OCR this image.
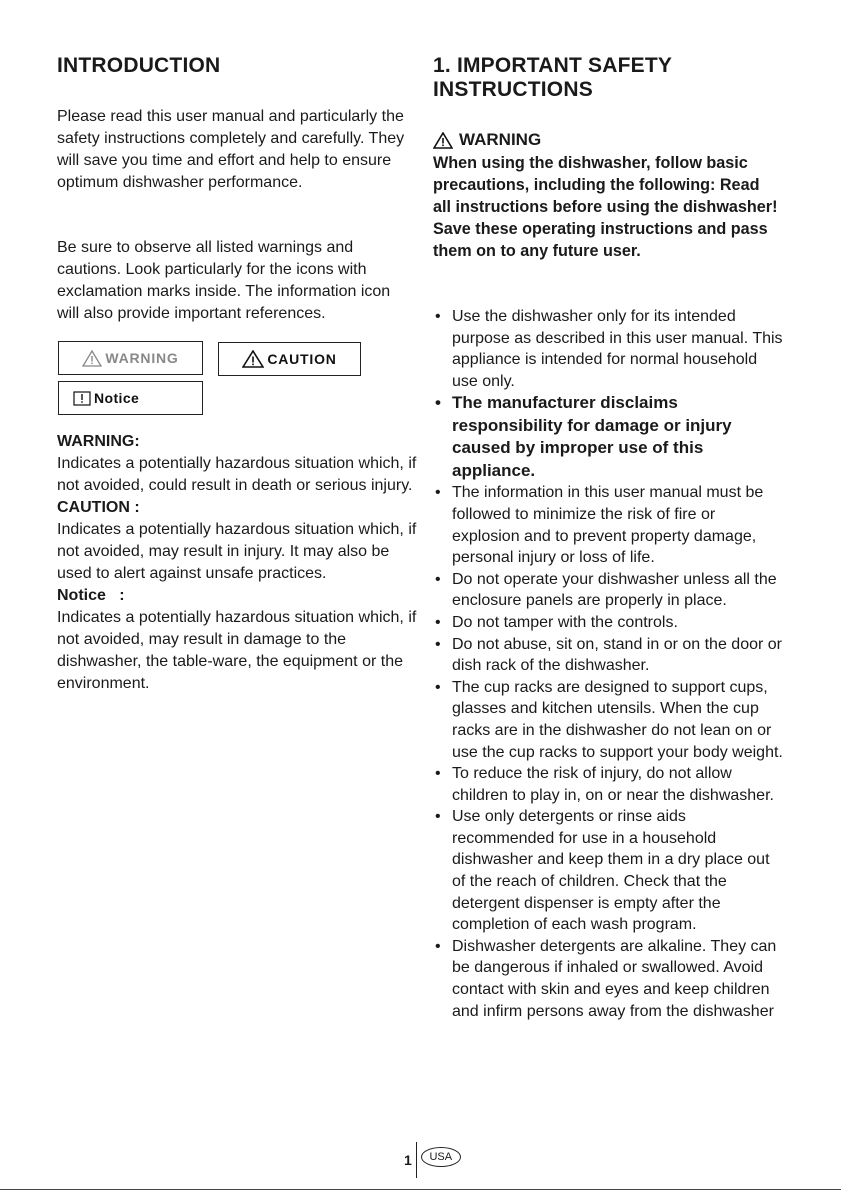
INTRODUCTION

Please read this user manual and particularly the safety instructions completely and carefully. They will save you time and effort and help to ensure optimum dishwasher performance.

Be sure to observe all listed warnings and cautions. Look particularly for the icons with exclamation marks inside. The information icon will also provide important references.

WARNING	CAUTION
Notice

WARNING:

Indicates a potentially hazardous situation which, if not avoided, could result in death or serious injury.

CAUTION :

Indicates a potentially hazardous situation which, if not avoided, may result in injury. It may also be used to alert against unsafe practices.

Notice   :

Indicates a potentially hazardous situation which, if not avoided, may result in damage to the dishwasher, the table-ware, the equipment or the environment.

1. IMPORTANT SAFETY INSTRUCTIONS
WARNING

When using the dishwasher, follow basic precautions, including the following: Read all instructions before using the dishwasher! Save these operating instructions and pass them on to any future user.

• Use the dishwasher only for its intended purpose as described in this user manual. This appliance is intended for normal household use only.
• The manufacturer disclaims responsibility for damage or injury caused by improper use of this appliance.
• The information in this user manual must be followed to minimize the risk of fire or explosion and to prevent property damage, personal injury or loss of life.
• Do not operate your dishwasher unless all the enclosure panels are properly in place.
• Do not tamper with the controls.
• Do not abuse, sit on, stand in or on the door or dish rack of the dishwasher.
• The cup racks are designed to support cups, glasses and kitchen utensils. When the cup racks are in the dishwasher do not lean on or use the cup racks to support your body weight.
• To reduce the risk of injury, do not allow children to play in, on or near the dishwasher.
• Use only detergents or rinse aids recommended for use in a household dishwasher and keep them in a dry place out of the reach of children. Check that the detergent dispenser is empty after the completion of each wash program.
• Dishwasher detergents are alkaline. They can be dangerous if inhaled or swallowed. Avoid contact with skin and eyes and keep children and infirm persons away from the dishwasher
1	USA
